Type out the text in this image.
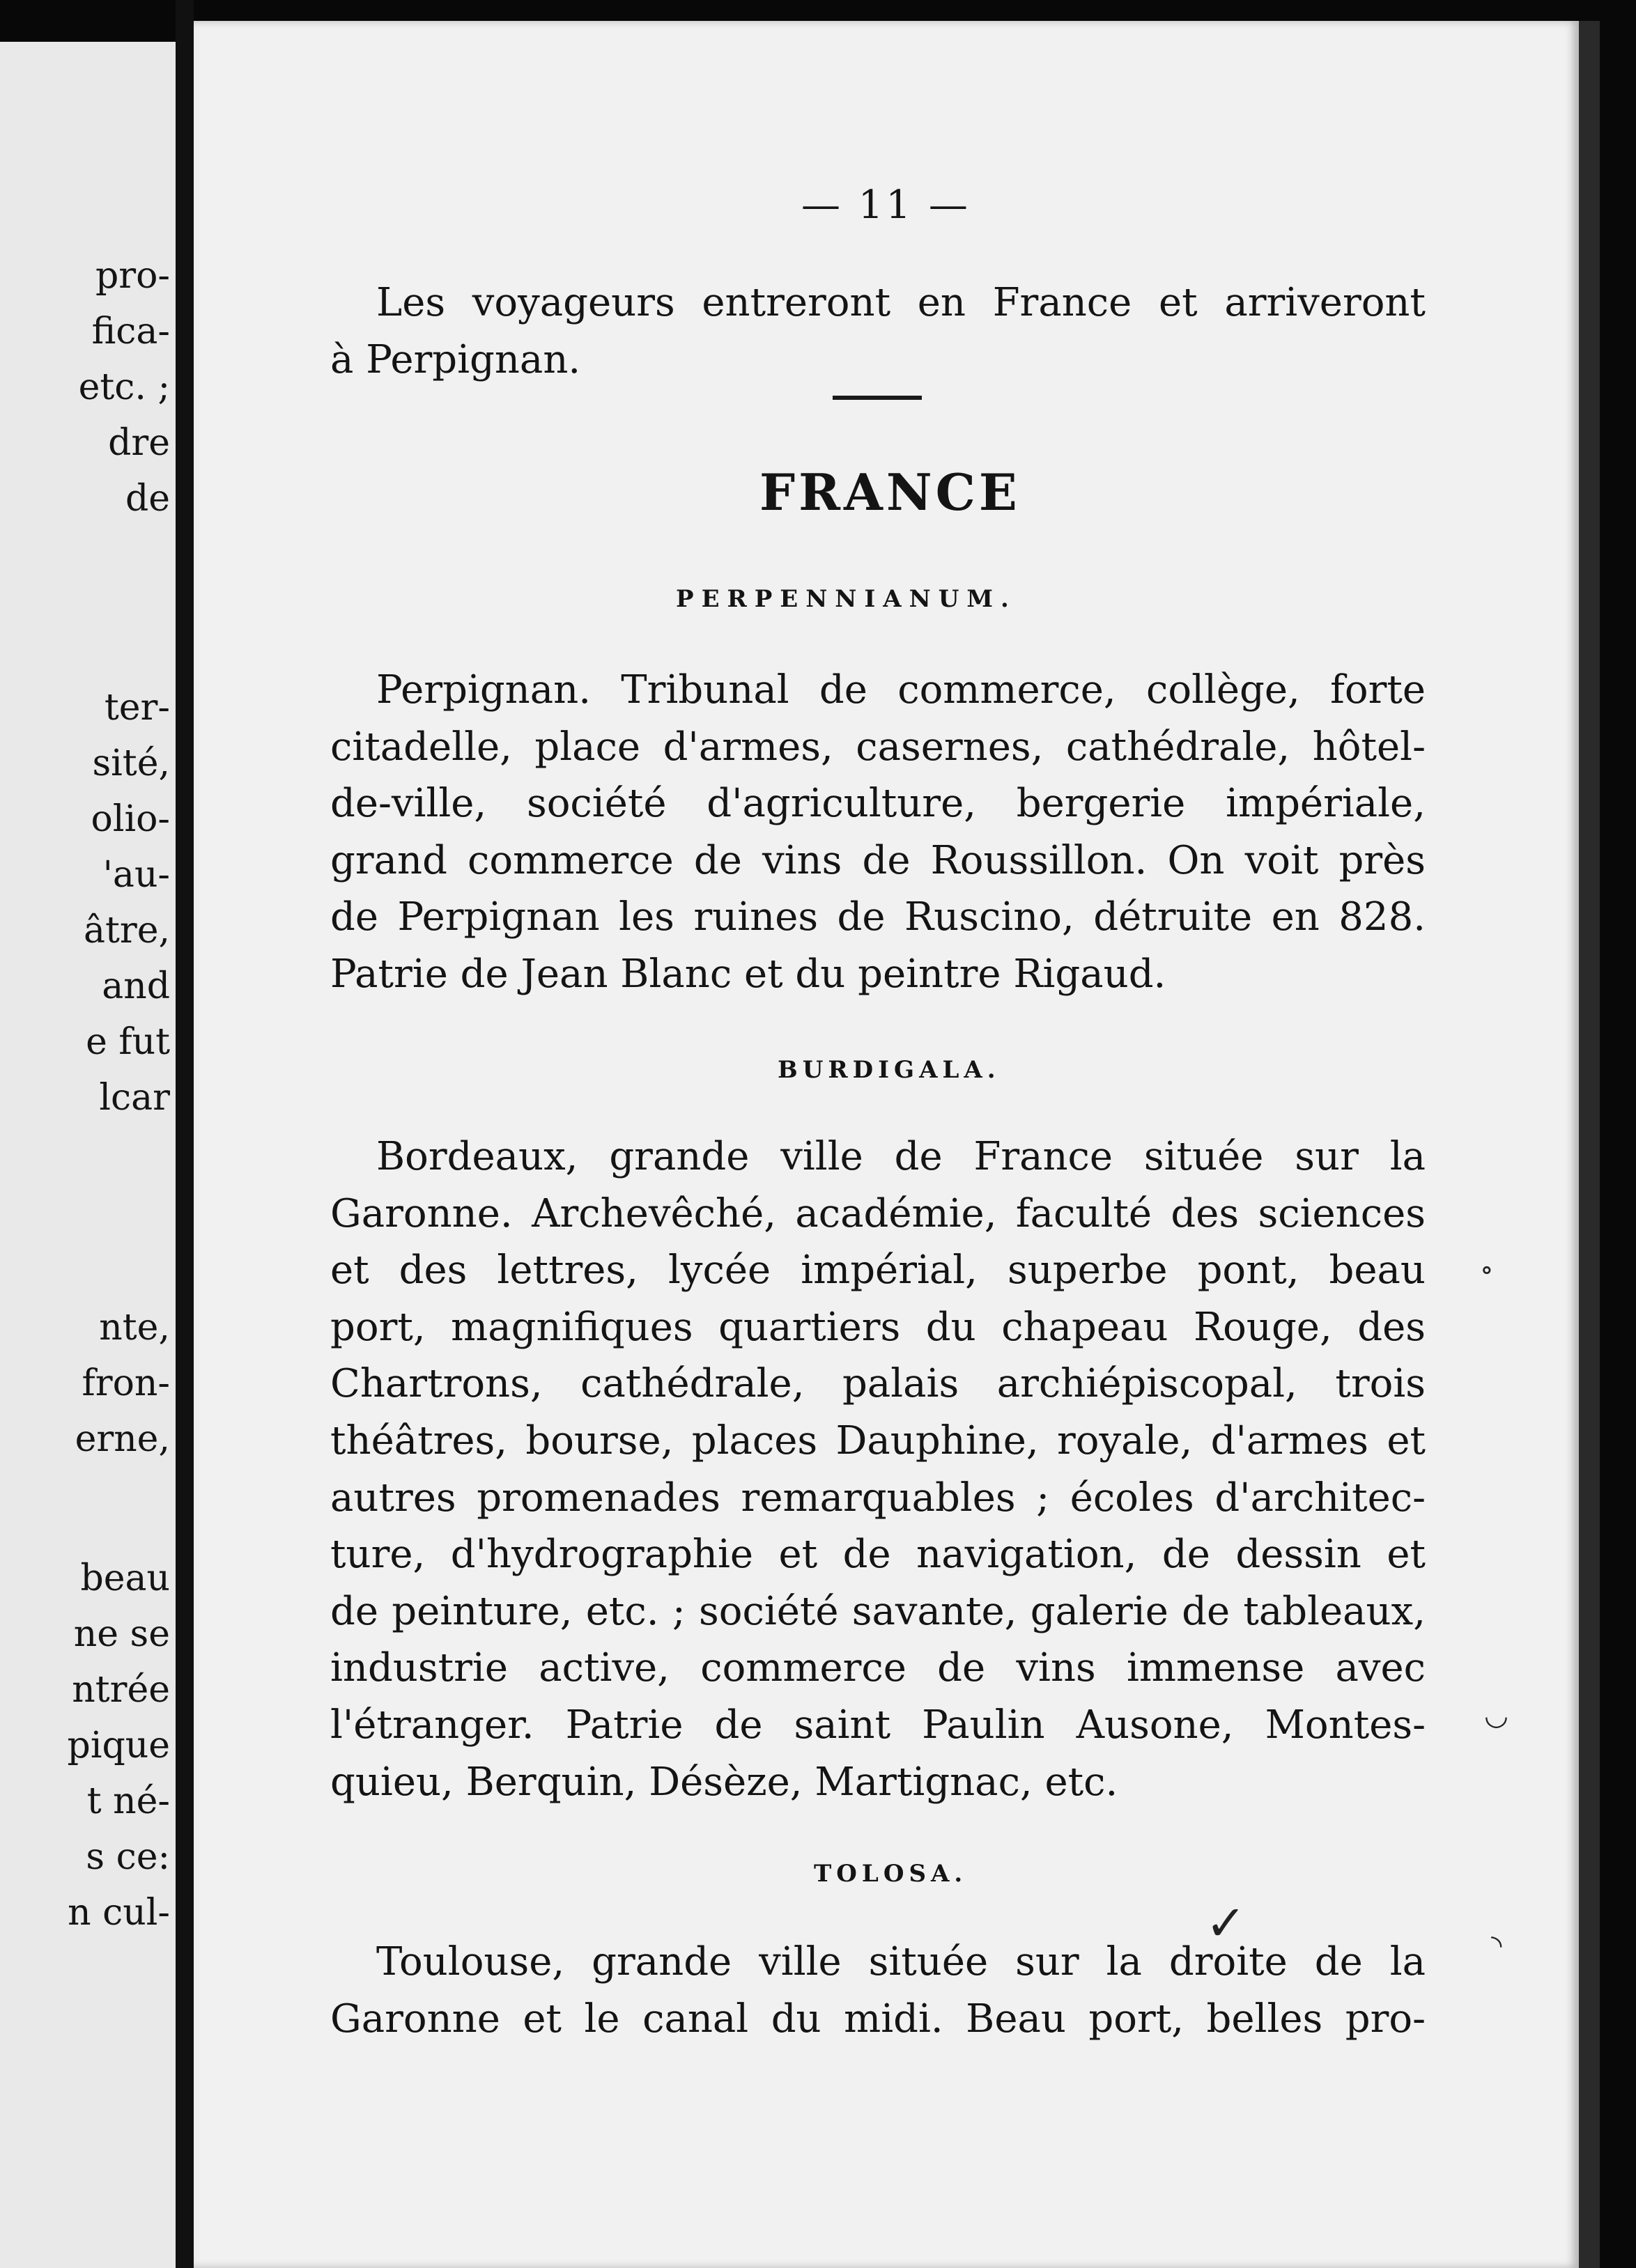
pro-
fica-
etc. ;
dre
de
ter-
sité,
olio-
'au-
âtre,
and
e fut
lcar
nte,
fron-
erne,
beau
ne se
ntrée
pique
t né-
s ce:
n cul-
— 11 —

Les voyageurs entreront en France et arriveront
à Perpignan.

FRANCE
PERPENNIANUM.

Perpignan. Tribunal de commerce, collège, forte
citadelle, place d'armes, casernes, cathédrale, hôtel-
de-ville, société d'agriculture, bergerie impériale,
grand commerce de vins de Roussillon. On voit près
de Perpignan les ruines de Ruscino, détruite en 828.
Patrie de Jean Blanc et du peintre Rigaud.

BURDIGALA.

Bordeaux, grande ville de France située sur la
Garonne. Archevêché, académie, faculté des sciences
et des lettres, lycée impérial, superbe pont, beau
port, magnifiques quartiers du chapeau Rouge, des
Chartrons, cathédrale, palais archiépiscopal, trois
théâtres, bourse, places Dauphine, royale, d'armes et
autres promenades remarquables ; écoles d'architec-
ture, d'hydrographie et de navigation, de dessin et
de peinture, etc. ; société savante, galerie de tableaux,
industrie active, commerce de vins immense avec
l'étranger. Patrie de saint Paulin Ausone, Montes-
quieu, Berquin, Désèze, Martignac, etc.

TOLOSA.

Toulouse, grande ville située sur la droite de la
Garonne et le canal du midi. Beau port, belles pro-

∘
◡
◝
✓
